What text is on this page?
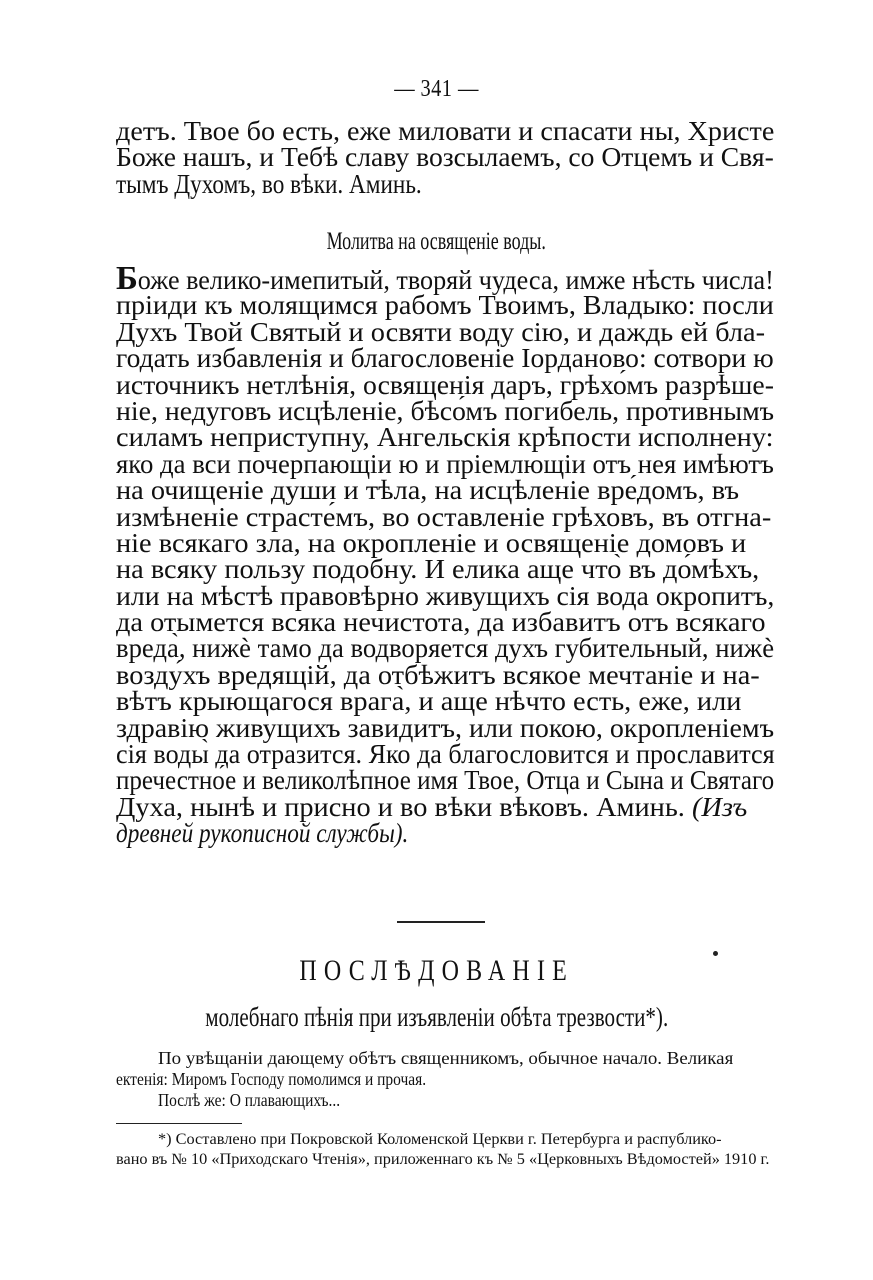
— 341 —
детъ. Твое бо есть, еже миловати и спасати ны, Христе
Боже нашъ, и Тебѣ славу возсылаемъ, со Отцемъ и Свя-
тымъ Духомъ, во вѣки. Аминь.
Молитва на освященіе воды.
Боже велико-имепитый, творяй чудеса, имже нѣсть числа!
пріиди къ молящимся рабомъ Твоимъ, Владыко: посли
Духъ Твой Святый и освяти воду сію, и даждь ей бла-
годать избавленія и благословеніе Іорданово: сотвори ю
источникъ нетлѣнія, освященія даръ, грѣхо́мъ разрѣше-
ніе, недуговъ исцѣленіе, бѣсо́мъ погибель, противнымъ
силамъ неприступну, Ангельскія крѣпости исполнену:
яко да вси почерпающіи ю и пріемлющіи отъ нея имѣютъ
на очищеніе души и тѣла, на исцѣленіе вре́домъ, въ
измѣненіе страсте́мъ, во оставленіе грѣховъ, въ отгна-
ніе всякаго зла, на окропленіе и освященіе домовъ и
на всяку пользу подобну. И елика аще что̀ въ до́мѣхъ,
или на мѣстѣ правовѣрно живущихъ сія вода окропитъ,
да отымется всяка нечистота, да избавитъ отъ всякаго
вреда̀, нижѐ тамо да водворяется духъ губительный, нижѐ
возду́хъ вредящій, да отбѣжитъ всякое мечтаніе и на-
вѣтъ крыющагося врага̀, и аще нѣчто есть, еже, или
здравію живущихъ завидитъ, или покою, окропленіемъ
сія воды̀ да отразится. Яко да благословится и прославится
пречестно́е и великолѣпное имя Твое, Отца и Сына и Святаго
Духа, нынѣ и присно и во вѣки вѣковъ. Аминь. (Изъ
древней рукописной службы).
ПОСЛѢДОВАНІЕ
молебнаго пѣнія при изъявленіи обѣта трезвости*).
По увѣщаніи дающему обѣтъ священникомъ, обычное начало. Великая
ектенія: Миромъ Господу помолимся и прочая.
Послѣ же: О плавающихъ...
*) Составлено при Покровской Коломенской Церкви г. Петербурга и распублико-
вано въ № 10 «Приходскаго Чтенія», приложеннаго къ № 5 «Церковныхъ Вѣдомостей» 1910 г.
